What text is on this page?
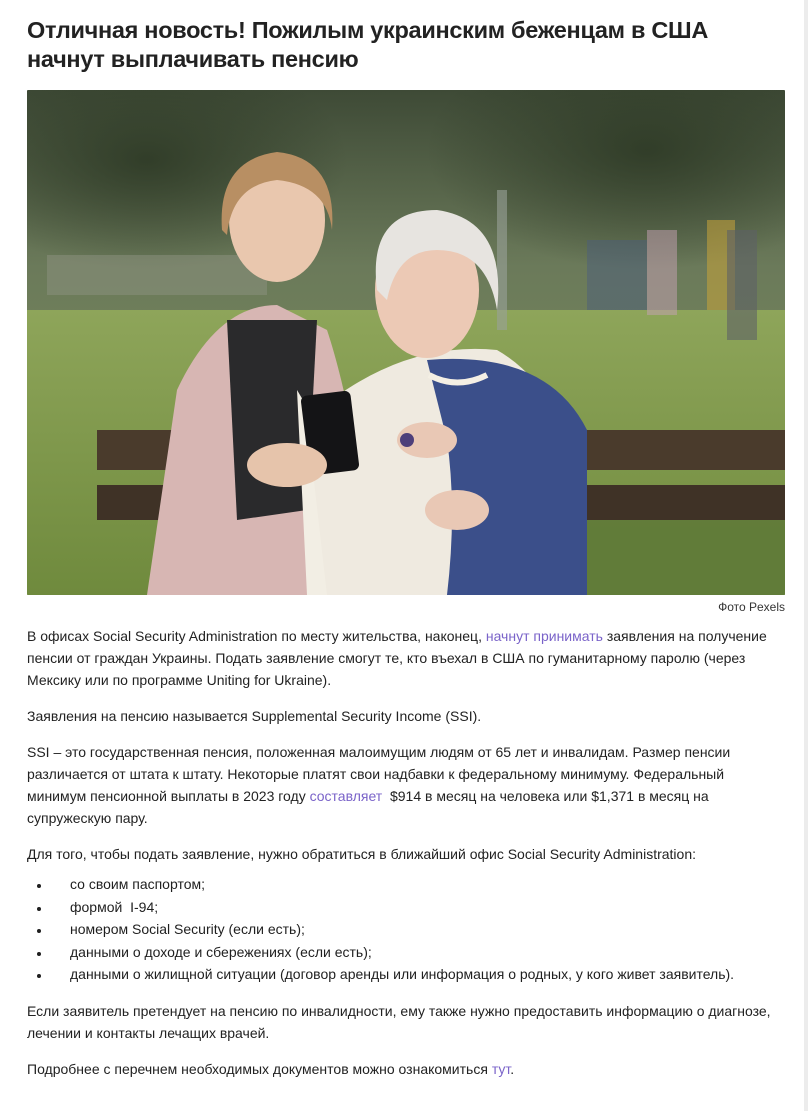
Отличная новость! Пожилым украинским беженцам в США начнут выплачивать пенсию
Фото Pexels

В офисах Social Security Administration по месту жительства, наконец, начнут принимать заявления на получение пенсии от граждан Украины. Подать заявление смогут те, кто въехал в США по гуманитарному паролю (через Мексику или по программе Uniting for Ukraine).

Заявления на пенсию называется Supplemental Security Income (SSI).

SSI – это государственная пенсия, положенная малоимущим людям от 65 лет и инвалидам. Размер пенсии различается от штата к штату. Некоторые платят свои надбавки к федеральному минимуму. Федеральный минимум пенсионной выплаты в 2023 году составляет  $914 в месяц на человека или $1,371 в месяц на супружескую пару.

Для того, чтобы подать заявление, нужно обратиться в ближайший офис Social Security Administration:

• со своим паспортом;
• формой  I-94;
• номером Social Security (если есть);
• данными о доходе и сбережениях (если есть);
• данными о жилищной ситуации (договор аренды или информация о родных, у кого живет заявитель).

Если заявитель претендует на пенсию по инвалидности, ему также нужно предоставить информацию о диагнозе, лечении и контакты лечащих врачей.

Подробнее с перечнем необходимых документов можно ознакомиться тут.
